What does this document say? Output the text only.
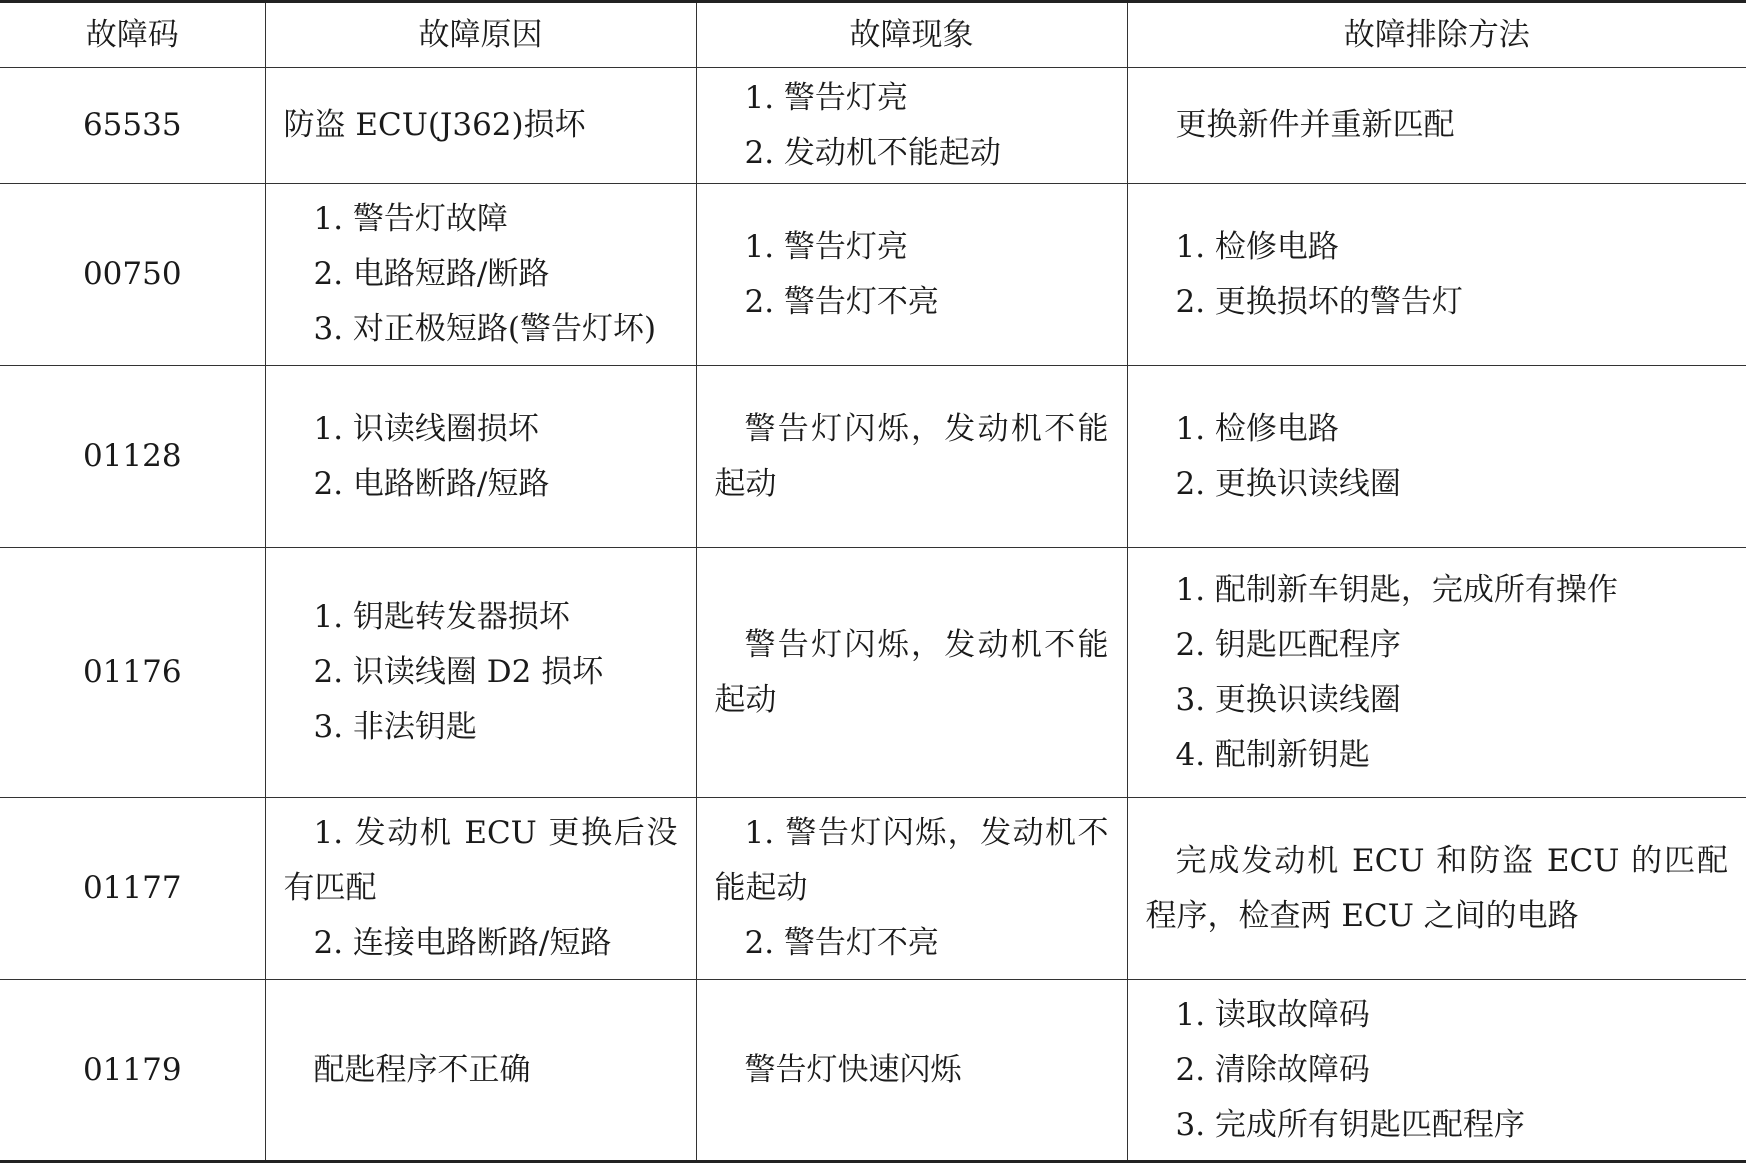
故障码	故障原因	故障现象	故障排除方法
65535	防盗 ECU(J362)损坏	1. 警告灯亮
2. 发动机不能起动	更换新件并重新匹配

00750	1. 警告灯故障
2. 电路短路/断路
3. 对正极短路(警告灯坏)	1. 警告灯亮
2. 警告灯不亮	1. 检修电路
2. 更换损坏的警告灯

01128	1. 识读线圈损坏
2. 电路断路/短路	警告灯闪烁，发动机不能起动	1. 检修电路
2. 更换识读线圈

01176	1. 钥匙转发器损坏
2. 识读线圈 D2 损坏
3. 非法钥匙	警告灯闪烁，发动机不能起动	1. 配制新车钥匙，完成所有操作
2. 钥匙匹配程序
3. 更换识读线圈
4. 配制新钥匙

01177	1. 发动机 ECU 更换后没有匹配
2. 连接电路断路/短路	1. 警告灯闪烁，发动机不能起动
2. 警告灯不亮	完成发动机 ECU 和防盗 ECU 的匹配程序，检查两 ECU 之间的电路

01179	配匙程序不正确	警告灯快速闪烁	1. 读取故障码
2. 清除故障码
3. 完成所有钥匙匹配程序
